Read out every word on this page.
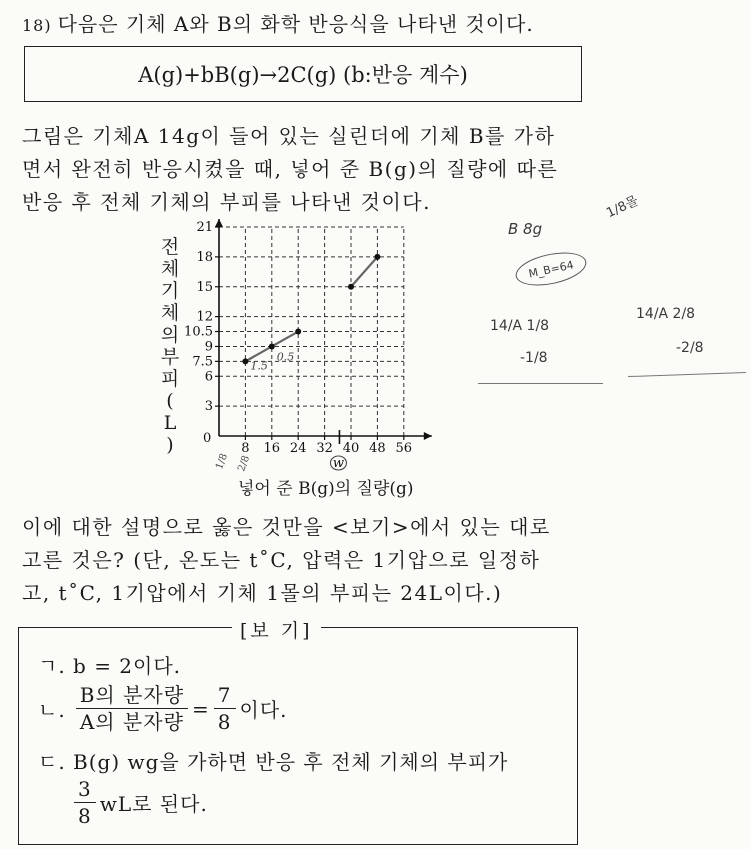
18) 다음은 기체 A와 B의 화학 반응식을 나타낸 것이다.
A(g)+bB(g)→2C(g) (b:반응 계수)
그림은 기체A 14g이 들어 있는 실린더에 기체 B를 가하
면서 완전히 반응시켰을 때, 넣어 준 B(g)의 질량에 따른
반응 후 전체 기체의 부피를 나타낸 것이다.
전
체
기
체
의
부
피
(
L
)	0
8 16 24 32 40 48 56
3
6
7.5
9
10.5
12
15
18
21
w
1.5
0.5
1/8 2/8
넣어 준 B(g)의 질량(g)
1/8몰
B 8g
M_B=64
14/A 1/8
-1/8
14/A 2/8
-2/8
이에 대한 설명으로 옳은 것만을 <보기>에서 있는 대로
고른 것은? (단, 온도는 t˚C, 압력은 1기압으로 일정하
고, t˚C, 1기압에서 기체 1몰의 부피는 24L이다.)
[보 기]
ㄱ. b = 2이다.
ㄴ. $\frac{\text{B의 분자량}}{\text{A의 분자량}} = \frac{7}{8}$ 이다.
ㄷ. B(g) wg을 가하면 반응 후 전체 기체의 부피가
$\frac{3}{8}$ wL로 된다.
